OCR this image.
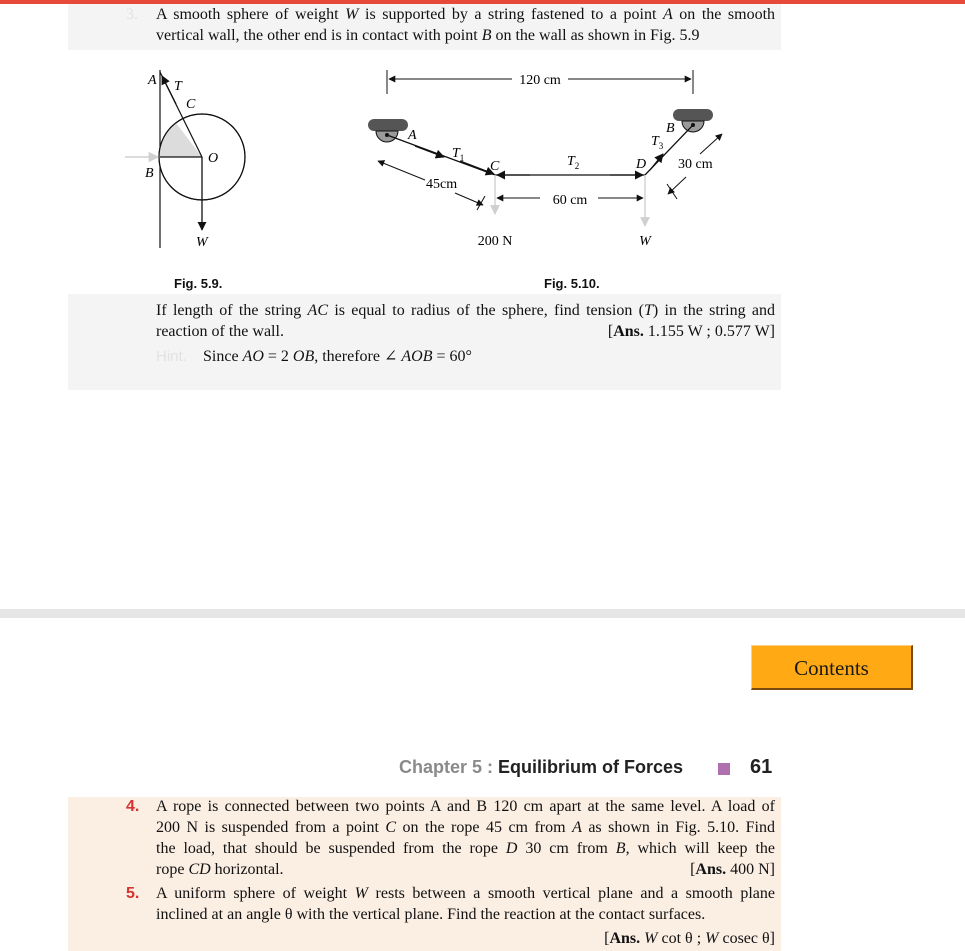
3. A smooth sphere of weight W is supported by a string fastened to a point A on the smooth
vertical wall, the other end is in contact with point B on the wall as shown in Fig. 5.9
A T
C
O
B
W
120 cm
45cm
60 cm
30 cm
A	B
C	D
$T_1$	$T_2$
$T_3$
200 N	W
Fig. 5.9.	Fig. 5.10.
If length of the string AC is equal to radius of the sphere, find tension (T) in the string and
reaction of the wall.	[Ans. 1.155 W ; 0.577 W]
Hint. Since AO = 2 OB, therefore ∠ AOB = 60°
Contents
Chapter 5 : Equilibrium of Forces	61
4. A rope is connected between two points A and B 120 cm apart at the same level. A load of
200 N is suspended from a point C on the rope 45 cm from A as shown in Fig. 5.10. Find
the load, that should be suspended from the rope D 30 cm from B, which will keep the
rope CD horizontal.	[Ans. 400 N]
5. A uniform sphere of weight W rests between a smooth vertical plane and a smooth plane
inclined at an angle θ with the vertical plane. Find the reaction at the contact surfaces.
[Ans. W cot θ ; W cosec θ]
